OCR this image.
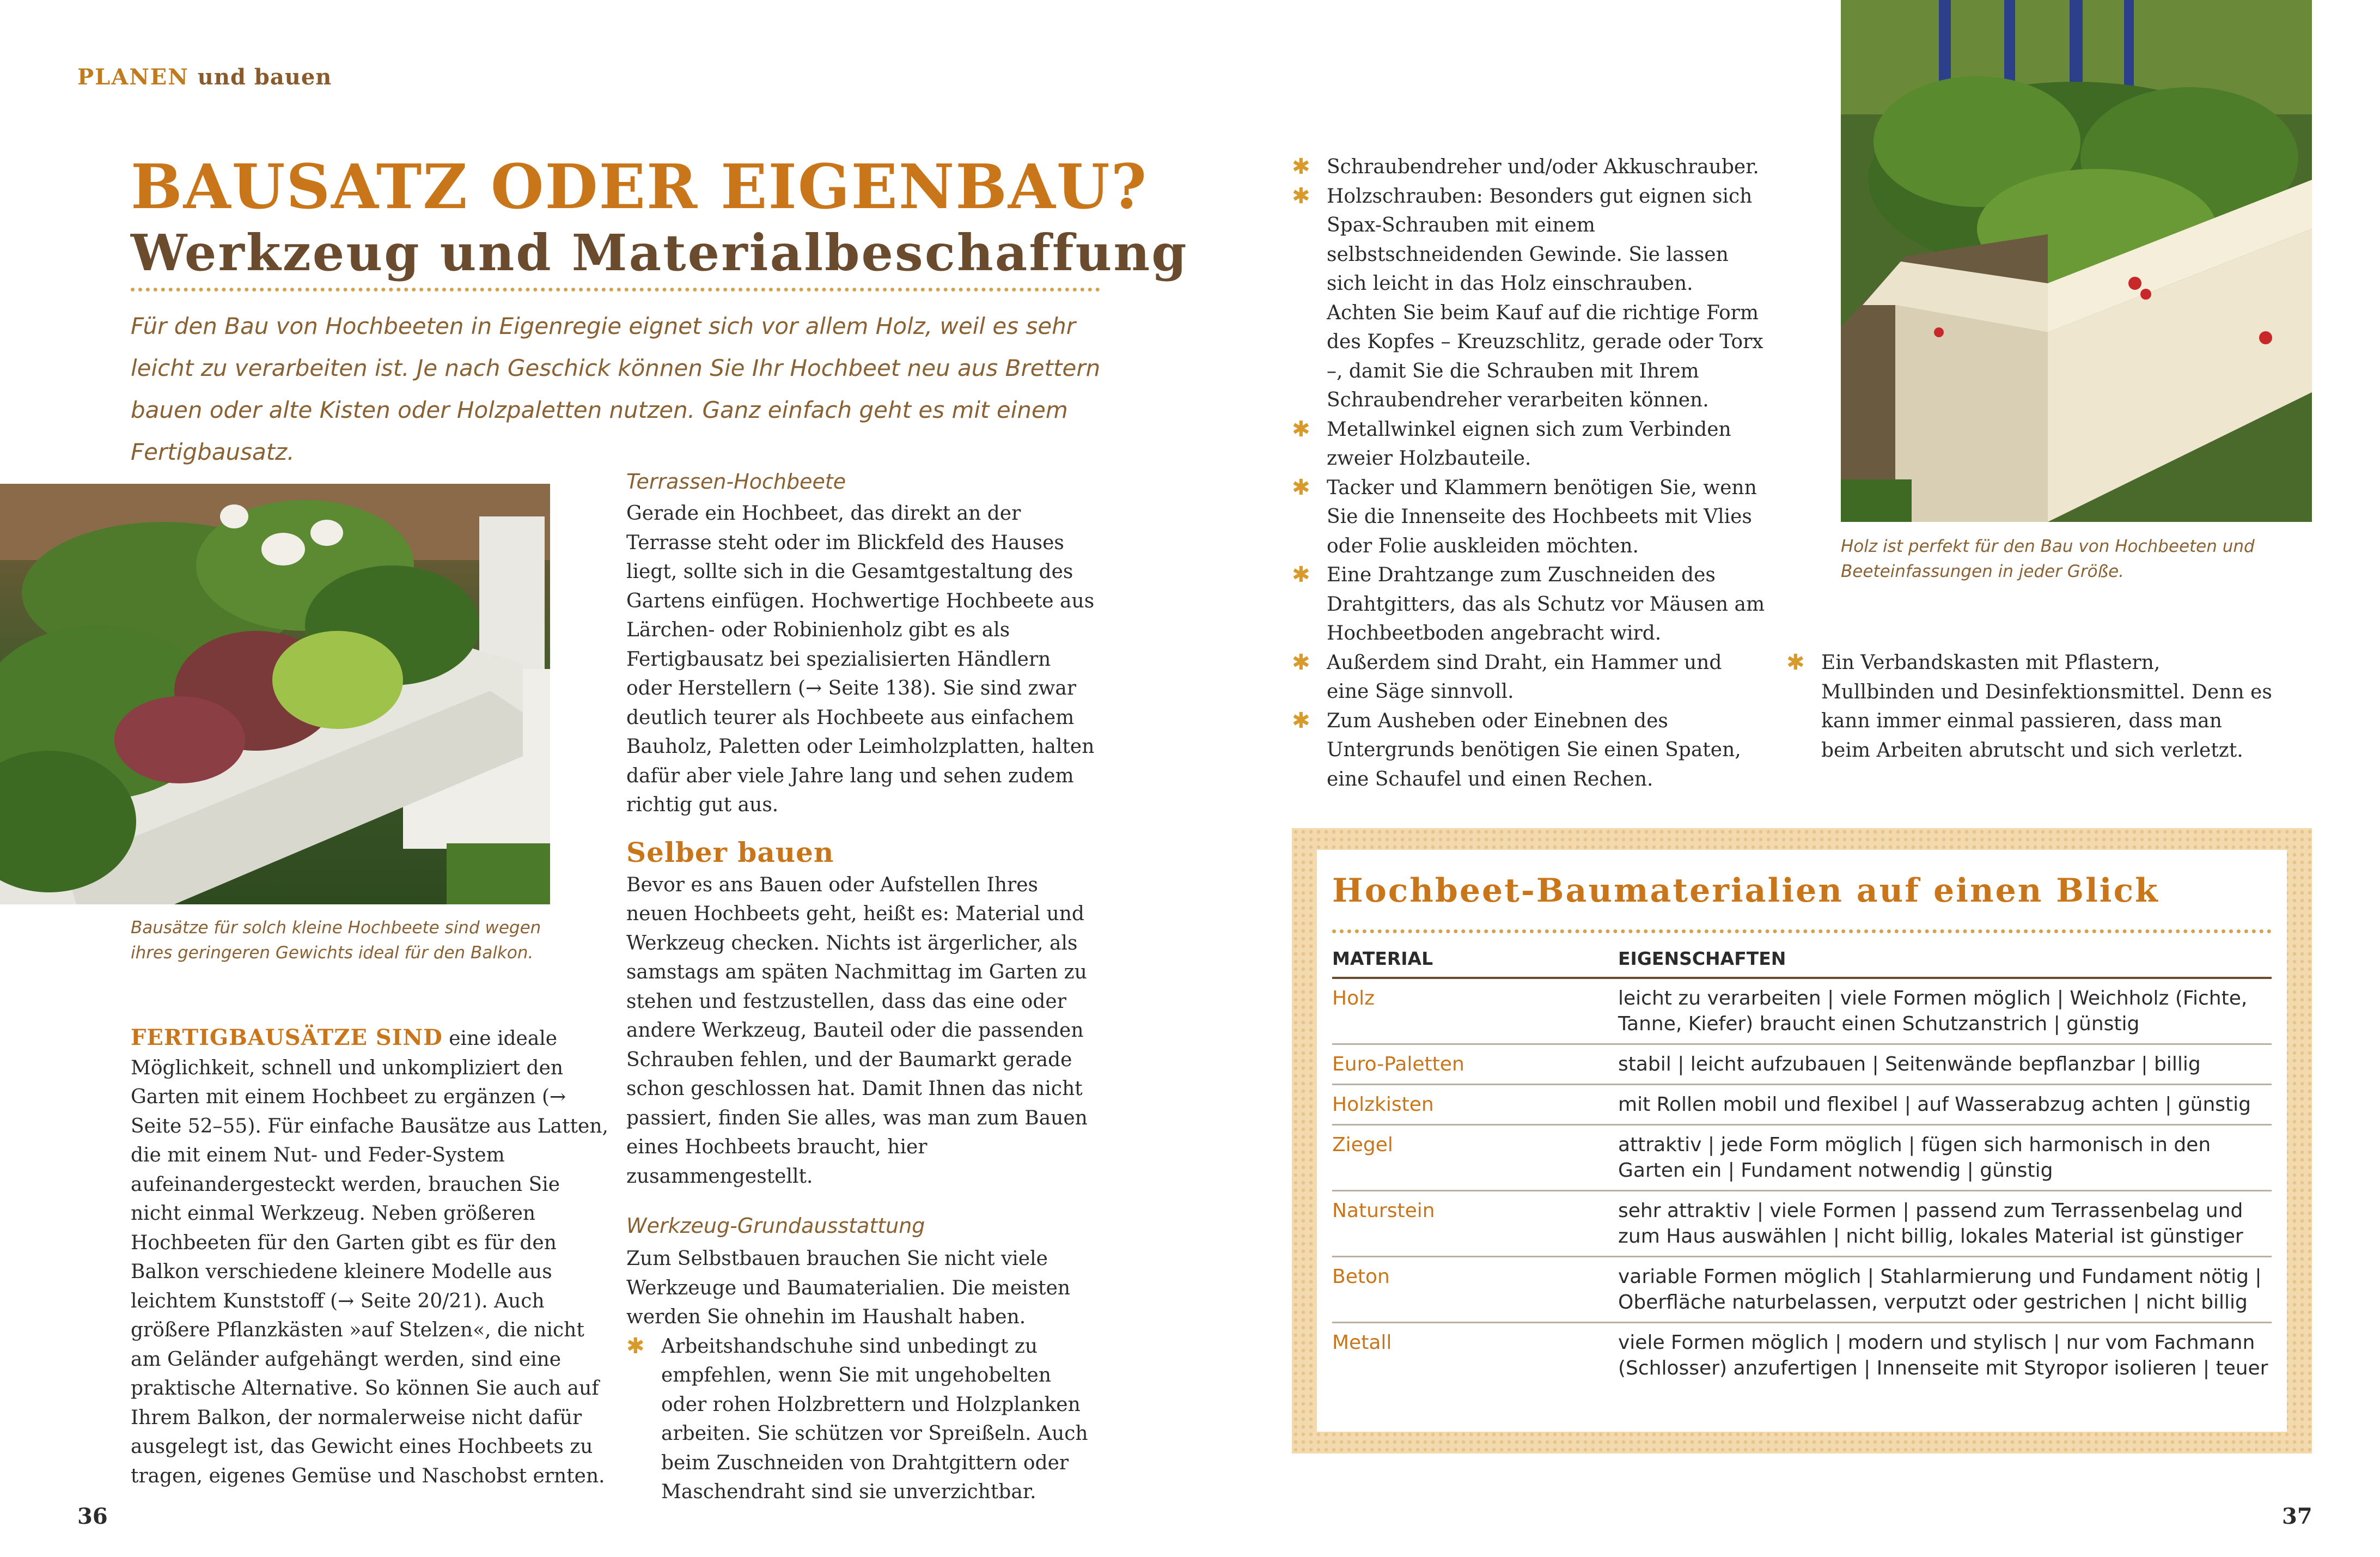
PLANEN und bauen
BAUSATZ ODER EIGENBAU?
Werkzeug und Materialbeschaffung
Für den Bau von Hochbeeten in Eigenregie eignet sich vor allem Holz, weil es sehr leicht zu verarbeiten ist. Je nach Geschick können Sie Ihr Hochbeet neu aus Brettern bauen oder alte Kisten oder Holzpaletten nutzen. Ganz einfach geht es mit einem Fertigbausatz.
Bausätze für solch kleine Hochbeete sind wegen ihres geringeren Gewichts ideal für den Balkon.
FERTIGBAUSÄTZE SIND eine ideale Möglichkeit, schnell und unkompliziert den Garten mit einem Hochbeet zu ergänzen (→ Seite 52–55). Für einfache Bausätze aus Latten, die mit einem Nut- und Feder-System aufeinandergesteckt werden, brauchen Sie nicht einmal Werkzeug. Neben größeren Hochbeeten für den Garten gibt es für den Balkon verschiedene kleinere Modelle aus leichtem Kunststoff (→ Seite 20/21). Auch größere Pflanzkästen »auf Stelzen«, die nicht am Geländer aufgehängt werden, sind eine praktische Alternative. So können Sie auch auf Ihrem Balkon, der normalerweise nicht dafür ausgelegt ist, das Gewicht eines Hochbeets zu tragen, eigenes Gemüse und Naschobst ernten.
Terrassen-Hochbeete
Gerade ein Hochbeet, das direkt an der Terrasse steht oder im Blickfeld des Hauses liegt, sollte sich in die Gesamtgestaltung des Gartens einfügen. Hochwertige Hochbeete aus Lärchen- oder Robinienholz gibt es als Fertigbausatz bei spezialisierten Händlern oder Herstellern (→ Seite 138). Sie sind zwar deutlich teurer als Hochbeete aus einfachem Bauholz, Paletten oder Leimholzplatten, halten dafür aber viele Jahre lang und sehen zudem richtig gut aus.
Selber bauen
Bevor es ans Bauen oder Aufstellen Ihres neuen Hochbeets geht, heißt es: Material und Werkzeug checken. Nichts ist ärgerlicher, als samstags am späten Nachmittag im Garten zu stehen und festzustellen, dass das eine oder andere Werkzeug, Bauteil oder die passenden Schrauben fehlen, und der Baumarkt gerade schon geschlossen hat. Damit Ihnen das nicht passiert, finden Sie alles, was man zum Bauen eines Hochbeets braucht, hier zusammengestellt.
Werkzeug-Grundausstattung
Zum Selbstbauen brauchen Sie nicht viele Werkzeuge und Baumaterialien. Die meisten werden Sie ohnehin im Haushalt haben.
✱ Arbeitshandschuhe sind unbedingt zu empfehlen, wenn Sie mit ungehobelten oder rohen Holzbrettern und Holzplanken arbeiten. Sie schützen vor Spreißeln. Auch beim Zuschneiden von Drahtgittern oder Maschendraht sind sie unverzichtbar.
✱ Schraubendreher und/oder Akkuschrauber.
✱ Holzschrauben: Besonders gut eignen sich Spax-Schrauben mit einem selbstschneidenden Gewinde. Sie lassen sich leicht in das Holz einschrauben. Achten Sie beim Kauf auf die richtige Form des Kopfes – Kreuzschlitz, gerade oder Torx –, damit Sie die Schrauben mit Ihrem Schraubendreher verarbeiten können.
✱ Metallwinkel eignen sich zum Verbinden zweier Holzbauteile.
✱ Tacker und Klammern benötigen Sie, wenn Sie die Innenseite des Hochbeets mit Vlies oder Folie auskleiden möchten.
✱ Eine Drahtzange zum Zuschneiden des Drahtgitters, das als Schutz vor Mäusen am Hochbeetboden angebracht wird.
✱ Außerdem sind Draht, ein Hammer und eine Säge sinnvoll.
✱ Zum Ausheben oder Einebnen des Untergrunds benötigen Sie einen Spaten, eine Schaufel und einen Rechen.
Holz ist perfekt für den Bau von Hochbeeten und Beeteinfassungen in jeder Größe.
✱ Ein Verbandskasten mit Pflastern, Mullbinden und Desinfektionsmittel. Denn es kann immer einmal passieren, dass man beim Arbeiten abrutscht und sich verletzt.
Hochbeet-Baumaterialien auf einen Blick
MATERIAL	EIGENSCHAFTEN
Holz	leicht zu verarbeiten | viele Formen möglich | Weichholz (Fichte, Tanne, Kiefer) braucht einen Schutzanstrich | günstig
Euro-Paletten	stabil | leicht aufzubauen | Seitenwände bepflanzbar | billig
Holzkisten	mit Rollen mobil und flexibel | auf Wasserabzug achten | günstig
Ziegel	attraktiv | jede Form möglich | fügen sich harmonisch in den Garten ein | Fundament notwendig | günstig
Naturstein	sehr attraktiv | viele Formen | passend zum Terrassenbelag und zum Haus auswählen | nicht billig, lokales Material ist günstiger
Beton	variable Formen möglich | Stahlarmierung und Fundament nötig | Oberfläche naturbelassen, verputzt oder gestrichen | nicht billig
Metall	viele Formen möglich | modern und stylisch | nur vom Fachmann (Schlosser) anzufertigen | Innenseite mit Styropor isolieren | teuer
36	37
